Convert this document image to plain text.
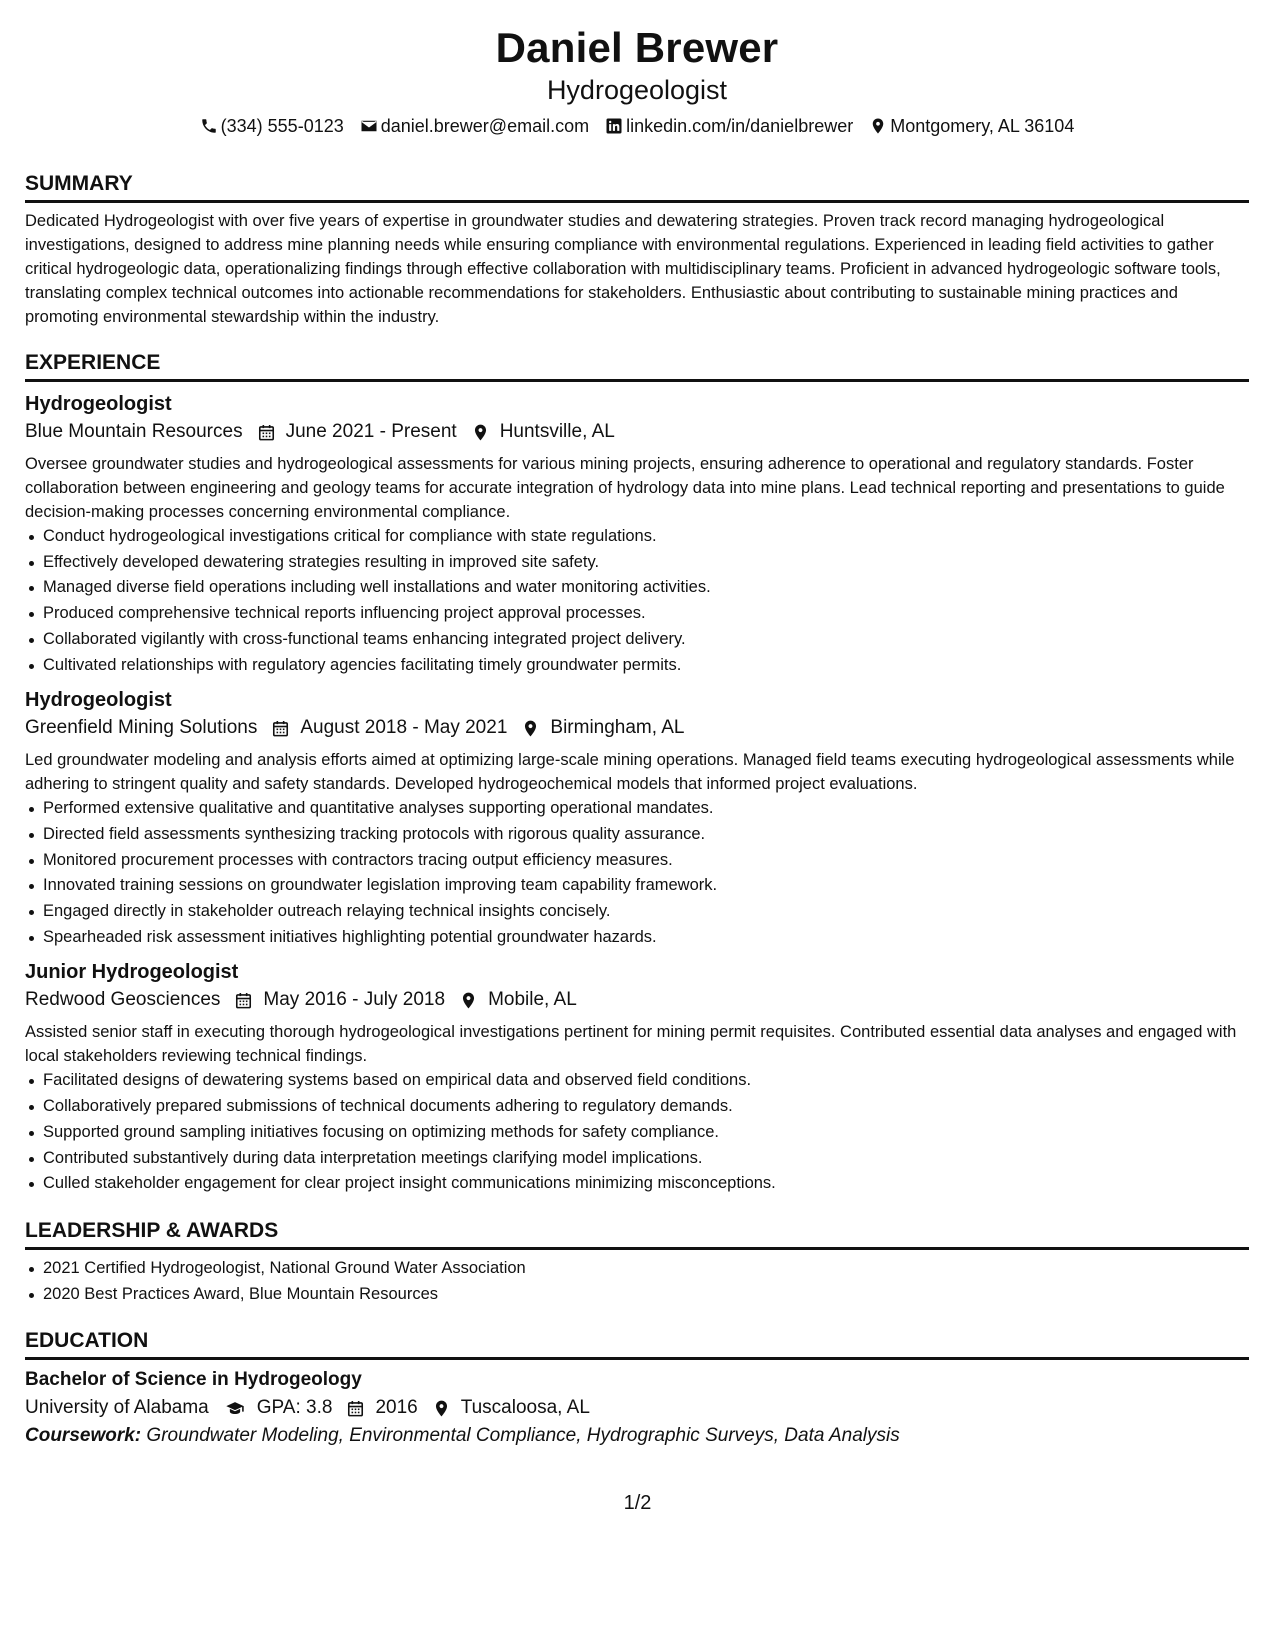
Daniel Brewer
Hydrogeologist
(334) 555-0123 daniel.brewer@email.com linkedin.com/in/danielbrewer Montgomery, AL 36104
SUMMARY

Dedicated Hydrogeologist with over five years of expertise in groundwater studies and dewatering strategies. Proven track record managing hydrogeological investigations, designed to address mine planning needs while ensuring compliance with environmental regulations. Experienced in leading field activities to gather critical hydrogeologic data, operationalizing findings through effective collaboration with multidisciplinary teams. Proficient in advanced hydrogeologic software tools, translating complex technical outcomes into actionable recommendations for stakeholders. Enthusiastic about contributing to sustainable mining practices and promoting environmental stewardship within the industry.

EXPERIENCE
Hydrogeologist
Blue Mountain Resources June 2021 - Present Huntsville, AL

Oversee groundwater studies and hydrogeological assessments for various mining projects, ensuring adherence to operational and regulatory standards. Foster collaboration between engineering and geology teams for accurate integration of hydrology data into mine plans. Lead technical reporting and presentations to guide decision-making processes concerning environmental compliance.

Conduct hydrogeological investigations critical for compliance with state regulations.
Effectively developed dewatering strategies resulting in improved site safety.
Managed diverse field operations including well installations and water monitoring activities.
Produced comprehensive technical reports influencing project approval processes.
Collaborated vigilantly with cross-functional teams enhancing integrated project delivery.
Cultivated relationships with regulatory agencies facilitating timely groundwater permits.
Hydrogeologist
Greenfield Mining Solutions August 2018 - May 2021 Birmingham, AL

Led groundwater modeling and analysis efforts aimed at optimizing large-scale mining operations. Managed field teams executing hydrogeological assessments while adhering to stringent quality and safety standards. Developed hydrogeochemical models that informed project evaluations.

Performed extensive qualitative and quantitative analyses supporting operational mandates.
Directed field assessments synthesizing tracking protocols with rigorous quality assurance.
Monitored procurement processes with contractors tracing output efficiency measures.
Innovated training sessions on groundwater legislation improving team capability framework.
Engaged directly in stakeholder outreach relaying technical insights concisely.
Spearheaded risk assessment initiatives highlighting potential groundwater hazards.
Junior Hydrogeologist
Redwood Geosciences May 2016 - July 2018 Mobile, AL

Assisted senior staff in executing thorough hydrogeological investigations pertinent for mining permit requisites. Contributed essential data analyses and engaged with local stakeholders reviewing technical findings.

Facilitated designs of dewatering systems based on empirical data and observed field conditions.
Collaboratively prepared submissions of technical documents adhering to regulatory demands.
Supported ground sampling initiatives focusing on optimizing methods for safety compliance.
Contributed substantively during data interpretation meetings clarifying model implications.
Culled stakeholder engagement for clear project insight communications minimizing misconceptions.
LEADERSHIP & AWARDS
2021 Certified Hydrogeologist, National Ground Water Association
2020 Best Practices Award, Blue Mountain Resources
EDUCATION
Bachelor of Science in Hydrogeology
University of Alabama	GPA: 3.8 2016 Tuscaloosa, AL
Coursework: Groundwater Modeling, Environmental Compliance, Hydrographic Surveys, Data Analysis
1/2
